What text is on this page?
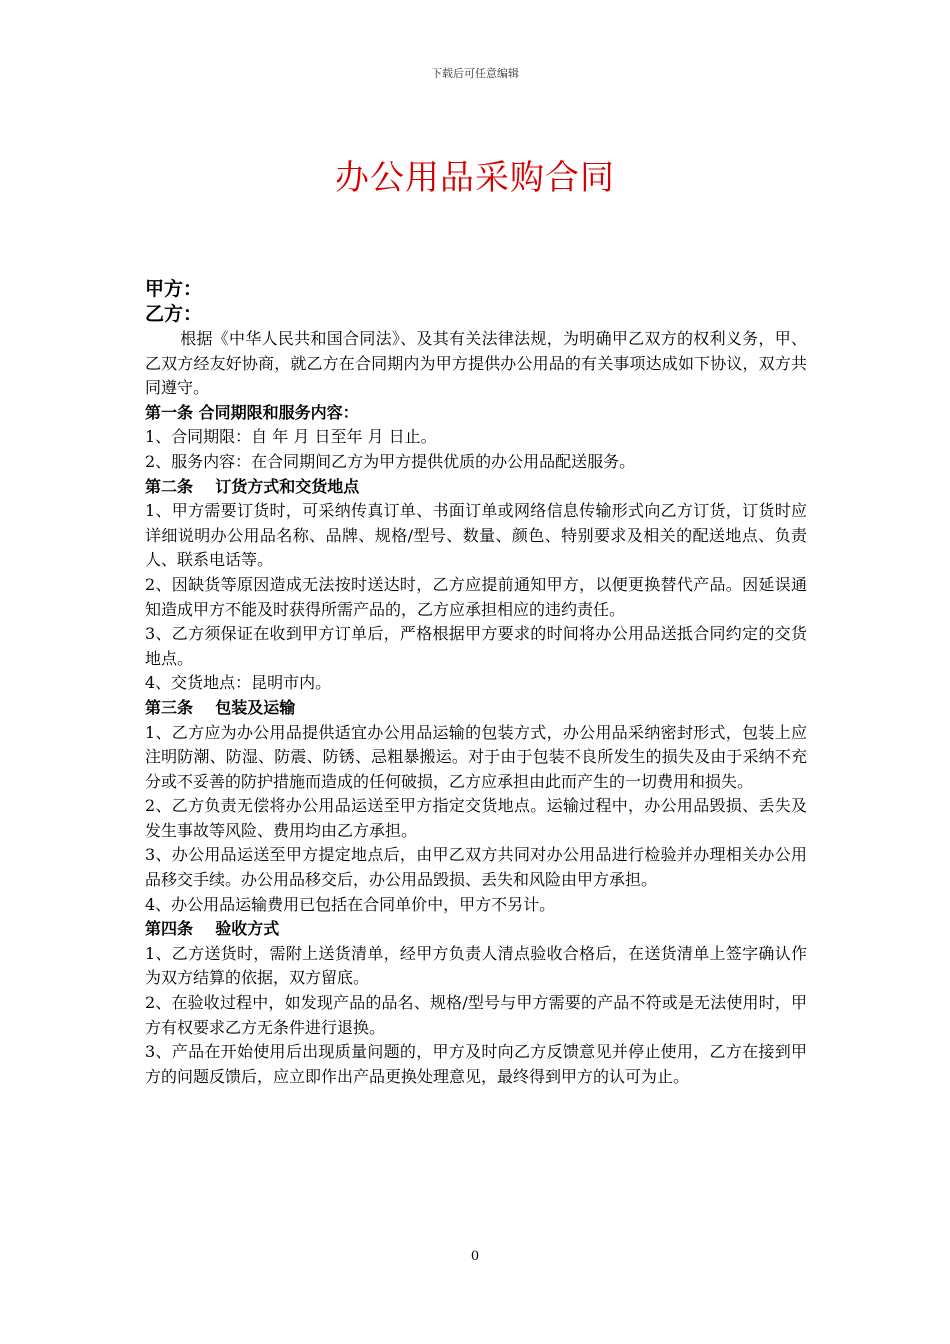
下载后可任意编辑
办公用品采购合同

甲方：

乙方：

根据《中华人民共和国合同法》、及其有关法律法规，为明确甲乙双方的权利义务，甲、乙双方经友好协商，就乙方在合同期内为甲方提供办公用品的有关事项达成如下协议，双方共同遵守。

第一条 合同期限和服务内容：

1、合同期限：自 年 月 日至年 月 日止。

2、服务内容：在合同期间乙方为甲方提供优质的办公用品配送服务。

第二条    订货方式和交货地点

1、甲方需要订货时，可采纳传真订单、书面订单或网络信息传输形式向乙方订货，订货时应详细说明办公用品名称、品牌、规格/型号、数量、颜色、特别要求及相关的配送地点、负责人、联系电话等。

2、因缺货等原因造成无法按时送达时，乙方应提前通知甲方，以便更换替代产品。因延误通知造成甲方不能及时获得所需产品的，乙方应承担相应的违约责任。

3、乙方须保证在收到甲方订单后，严格根据甲方要求的时间将办公用品送抵合同约定的交货地点。

4、交货地点：昆明市内。

第三条    包装及运输

1、乙方应为办公用品提供适宜办公用品运输的包装方式，办公用品采纳密封形式，包装上应注明防潮、防湿、防震、防锈、忌粗暴搬运。对于由于包装不良所发生的损失及由于采纳不充分或不妥善的防护措施而造成的任何破损，乙方应承担由此而产生的一切费用和损失。

2、乙方负责无偿将办公用品运送至甲方指定交货地点。运输过程中，办公用品毁损、丢失及发生事故等风险、费用均由乙方承担。

3、办公用品运送至甲方提定地点后，由甲乙双方共同对办公用品进行检验并办理相关办公用品移交手续。办公用品移交后，办公用品毁损、丢失和风险由甲方承担。

4、办公用品运输费用已包括在合同单价中，甲方不另计。

第四条    验收方式

1、乙方送货时，需附上送货清单，经甲方负责人清点验收合格后，在送货清单上签字确认作为双方结算的依据，双方留底。

2、在验收过程中，如发现产品的品名、规格/型号与甲方需要的产品不符或是无法使用时，甲方有权要求乙方无条件进行退换。

3、产品在开始使用后出现质量问题的，甲方及时向乙方反馈意见并停止使用，乙方在接到甲方的问题反馈后，应立即作出产品更换处理意见，最终得到甲方的认可为止。

0
